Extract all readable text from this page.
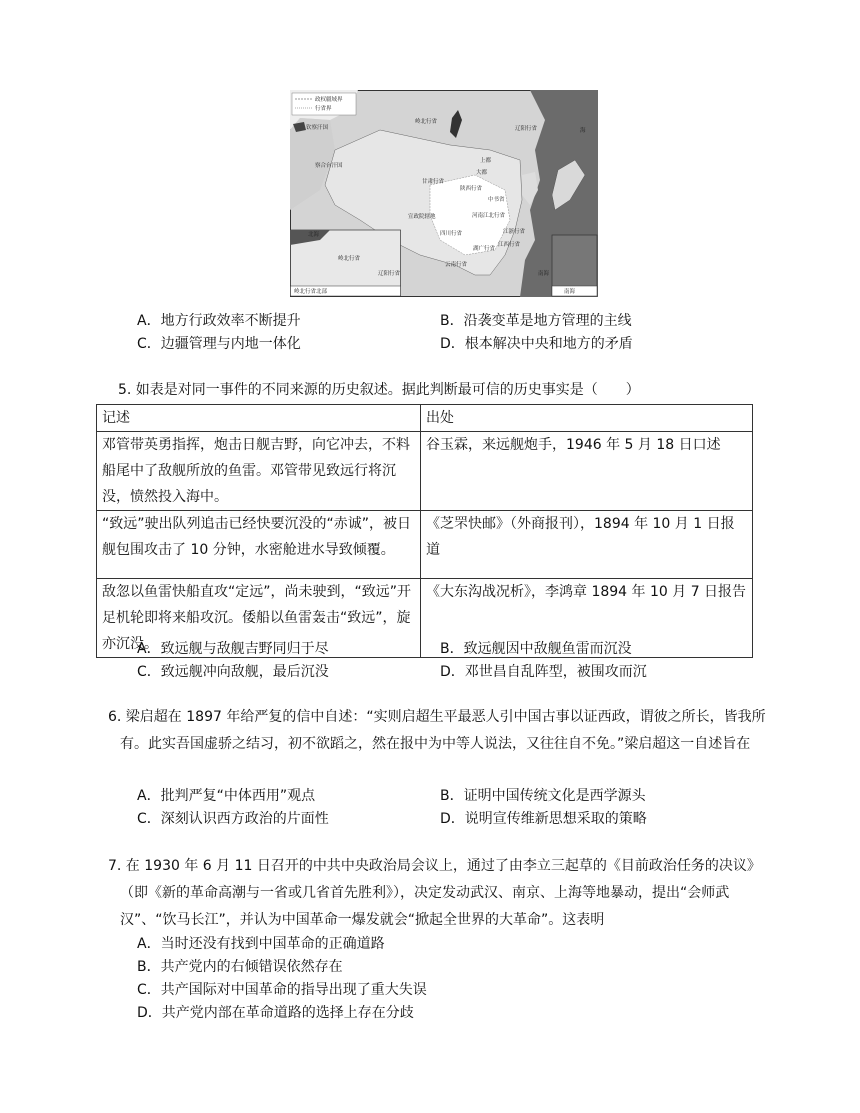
政权疆域界
行省界
钦察汗国
察合台汗国
岭北行省
辽阳行省
上都
大都
甘肃行省
陕西行省
河南江北行省
宣政院辖地
四川行省
湖广行省
江浙行省
江西行省
云南行省
中书省
南海
北海
岭北行省
辽阳行省
海
岭北行省北部	南海
A．地方行政效率不断提升	B．沿袭变革是地方管理的主线
C．边疆管理与内地一体化	D．根本解决中央和地方的矛盾
5. 如表是对同一事件的不同来源的历史叙述。据此判断最可信的历史事实是（　　）
记述	出处
邓管带英勇指挥，炮击日舰吉野，向它冲去，不料船尾中了敌舰所放的鱼雷。邓管带见致远行将沉没，愤然投入海中。	谷玉霖，来远舰炮手，1946 年 5 月 18 日口述
“致远”驶出队列追击已经快要沉没的“赤诚”，被日舰包围攻击了 10 分钟，水密舱进水导致倾覆。	《芝罘快邮》（外商报刊），1894 年 10 月 1 日报道
敌忽以鱼雷快船直攻“定远”，尚未驶到，“致远”开足机轮即将来船攻沉。倭船以鱼雷轰击“致远”，旋亦沉没。	《大东沟战况析》，李鸿章 1894 年 10 月 7 日报告
A．致远舰与敌舰吉野同归于尽	B．致远舰因中敌舰鱼雷而沉没
C．致远舰冲向敌舰，最后沉没	D．邓世昌自乱阵型，被围攻而沉
6. 梁启超在 1897 年给严复的信中自述：“实则启超生平最恶人引中国古事以证西政，谓彼之所长，皆我所有。此实吾国虚骄之结习，初不欲蹈之，然在报中为中等人说法，又往往自不免。”梁启超这一自述旨在
A．批判严复“中体西用”观点	B．证明中国传统文化是西学源头
C．深刻认识西方政治的片面性	D．说明宣传维新思想采取的策略
7. 在 1930 年 6 月 11 日召开的中共中央政治局会议上，通过了由李立三起草的《目前政治任务的决议》（即《新的革命高潮与一省或几省首先胜利》），决定发动武汉、南京、上海等地暴动，提出“会师武汉”、“饮马长江”，并认为中国革命一爆发就会“掀起全世界的大革命”。这表明
A．当时还没有找到中国革命的正确道路
B．共产党内的右倾错误依然存在
C．共产国际对中国革命的指导出现了重大失误
D．共产党内部在革命道路的选择上存在分歧
